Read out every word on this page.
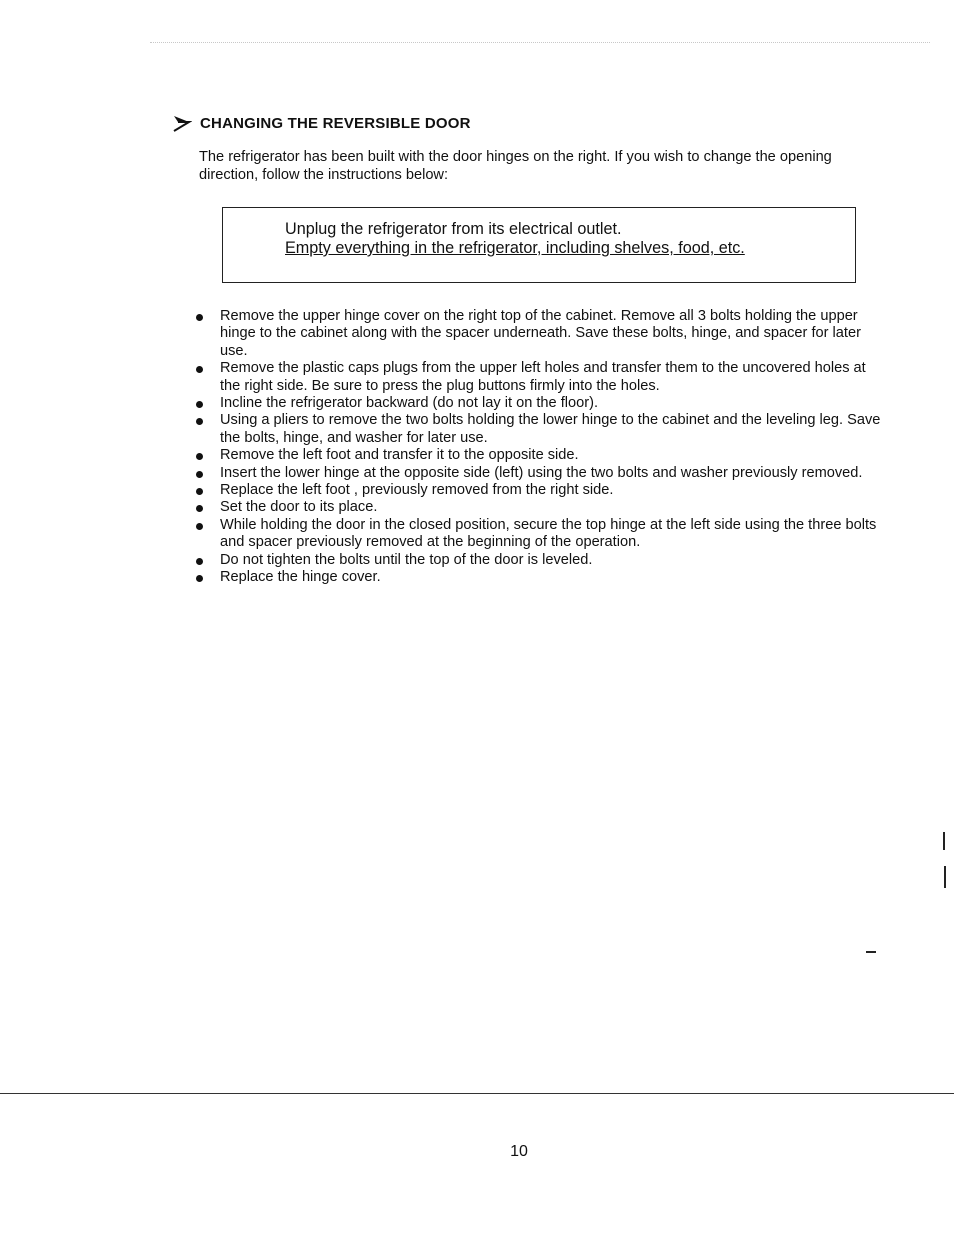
CHANGING THE REVERSIBLE DOOR
The refrigerator has been built with the door hinges on the right. If you wish to change the opening direction, follow the instructions below:
Unplug the refrigerator from its electrical outlet.
Empty everything in the refrigerator, including shelves, food, etc.
Remove the upper hinge cover on the right top of the cabinet. Remove all 3 bolts holding the upper hinge to the cabinet along with the spacer underneath. Save these bolts, hinge, and spacer for later use.
Remove the plastic caps plugs from the upper left holes and transfer them to the uncovered holes at the right side. Be sure to press the plug buttons firmly into the holes.
Incline the refrigerator backward (do not lay it on the floor).
Using a pliers to remove the two bolts holding the lower hinge to the cabinet and the leveling leg. Save the bolts, hinge, and washer for later use.
Remove the left foot and transfer it to the opposite side.
Insert the lower hinge at the opposite side (left) using the two bolts and washer previously removed.
Replace the left foot , previously removed from the right side.
Set the door to its place.
While holding the door in the closed position, secure the top hinge at the left side using the three bolts and spacer previously removed at the beginning of the operation.
Do not tighten the bolts until the top of the door is leveled.
Replace the hinge cover.
10
